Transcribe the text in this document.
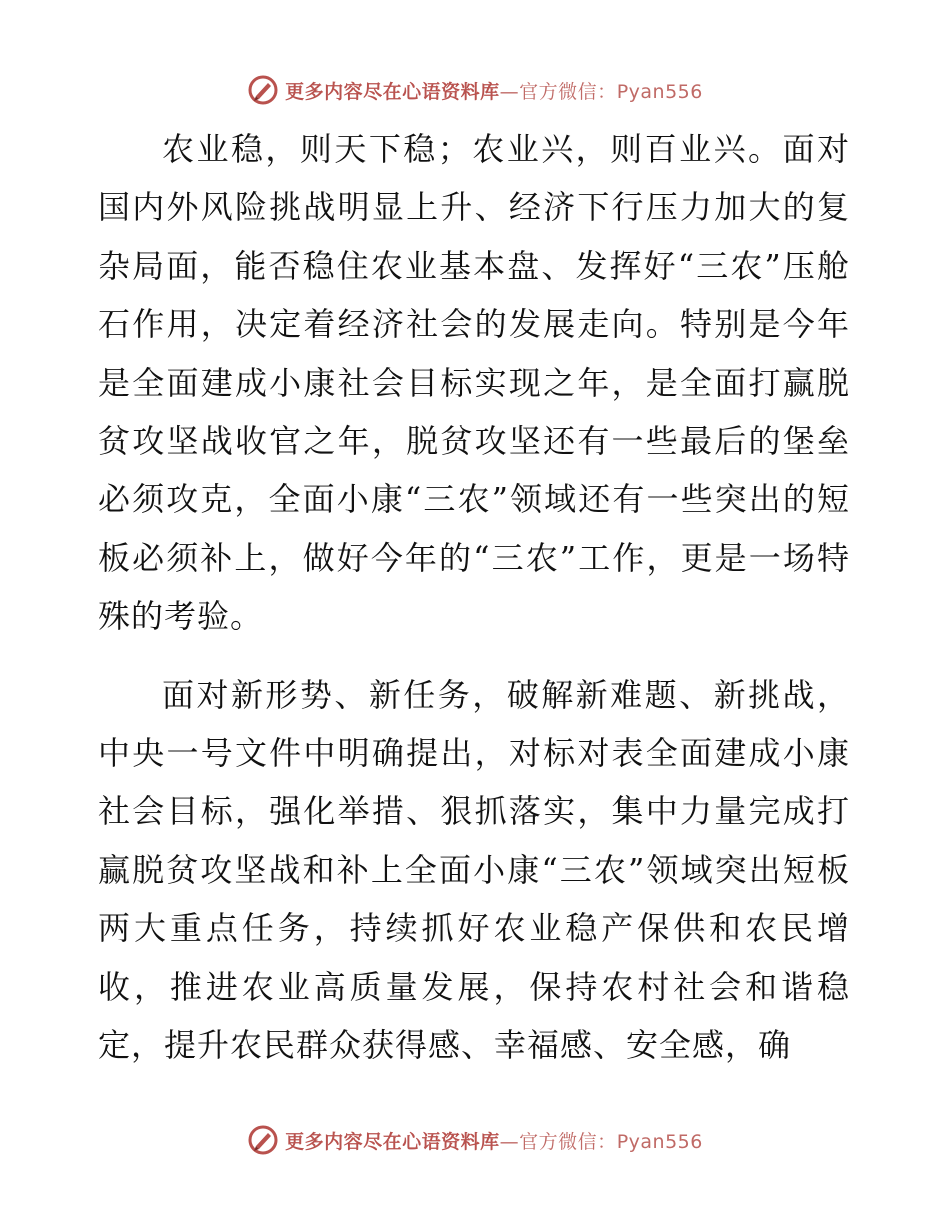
更多内容尽在心语资料库—官方微信：Pyan556

农业稳，则天下稳；农业兴，则百业兴。面对国内外风险挑战明显上升、经济下行压力加大的复杂局面，能否稳住农业基本盘、发挥好“三农”压舱石作用，决定着经济社会的发展走向。特别是今年是全面建成小康社会目标实现之年，是全面打赢脱贫攻坚战收官之年，脱贫攻坚还有一些最后的堡垒必须攻克，全面小康“三农”领域还有一些突出的短板必须补上，做好今年的“三农”工作，更是一场特殊的考验。

面对新形势、新任务，破解新难题、新挑战，中央一号文件中明确提出，对标对表全面建成小康社会目标，强化举措、狠抓落实，集中力量完成打赢脱贫攻坚战和补上全面小康“三农”领域突出短板两大重点任务，持续抓好农业稳产保供和农民增收，推进农业高质量发展，保持农村社会和谐稳定，提升农民群众获得感、幸福感、安全感，确

更多内容尽在心语资料库—官方微信：Pyan556
